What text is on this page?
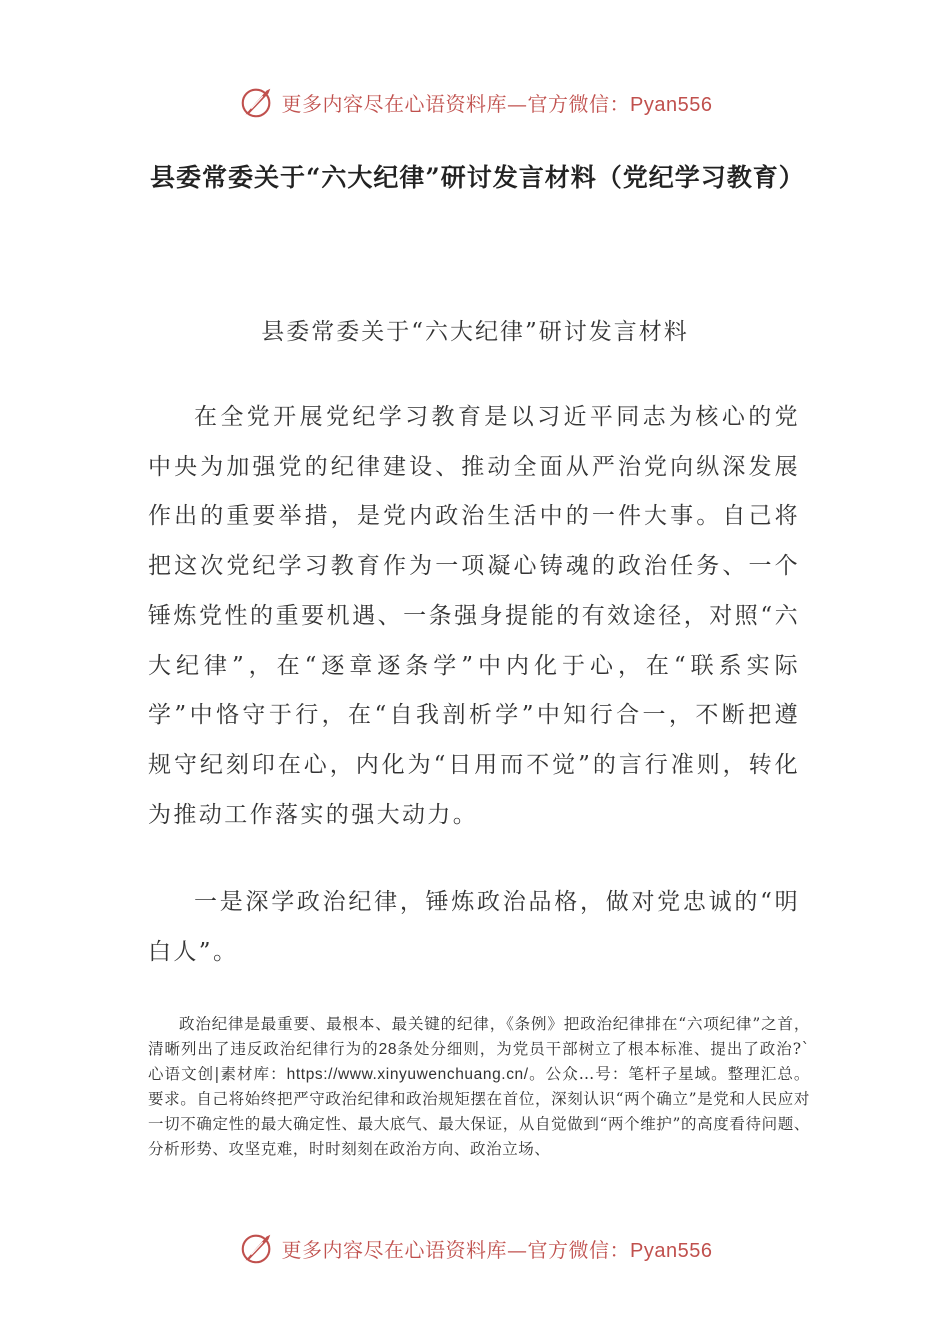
更多内容尽在心语资料库—官方微信：Pyan556
县委常委关于“六大纪律”研讨发言材料（党纪学习教育）
县委常委关于“六大纪律”研讨发言材料
在全党开展党纪学习教育是以习近平同志为核心的党中央为加强党的纪律建设、推动全面从严治党向纵深发展作出的重要举措，是党内政治生活中的一件大事。自己将把这次党纪学习教育作为一项凝心铸魂的政治任务、一个锤炼党性的重要机遇、一条强身提能的有效途径，对照“六大纪律”，在“逐章逐条学”中内化于心，在“联系实际学”中恪守于行，在“自我剖析学”中知行合一，不断把遵规守纪刻印在心，内化为“日用而不觉”的言行准则，转化为推动工作落实的强大动力。
一是深学政治纪律，锤炼政治品格，做对党忠诚的“明白人”。
政治纪律是最重要、最根本、最关键的纪律，《条例》把政治纪律排在“六项纪律”之首，清晰列出了违反政治纪律行为的28条处分细则，为党员干部树立了根本标准、提出了政治?`心语文创|素材库：https://www.xinyuwenchuang.cn/。公众…号：笔杆子星域。整理汇总。要求。自己将始终把严守政治纪律和政治规矩摆在首位，深刻认识“两个确立”是党和人民应对一切不确定性的最大确定性、最大底气、最大保证，从自觉做到“两个维护”的高度看待问题、分析形势、攻坚克难，时时刻刻在政治方向、政治立场、
更多内容尽在心语资料库—官方微信：Pyan556
